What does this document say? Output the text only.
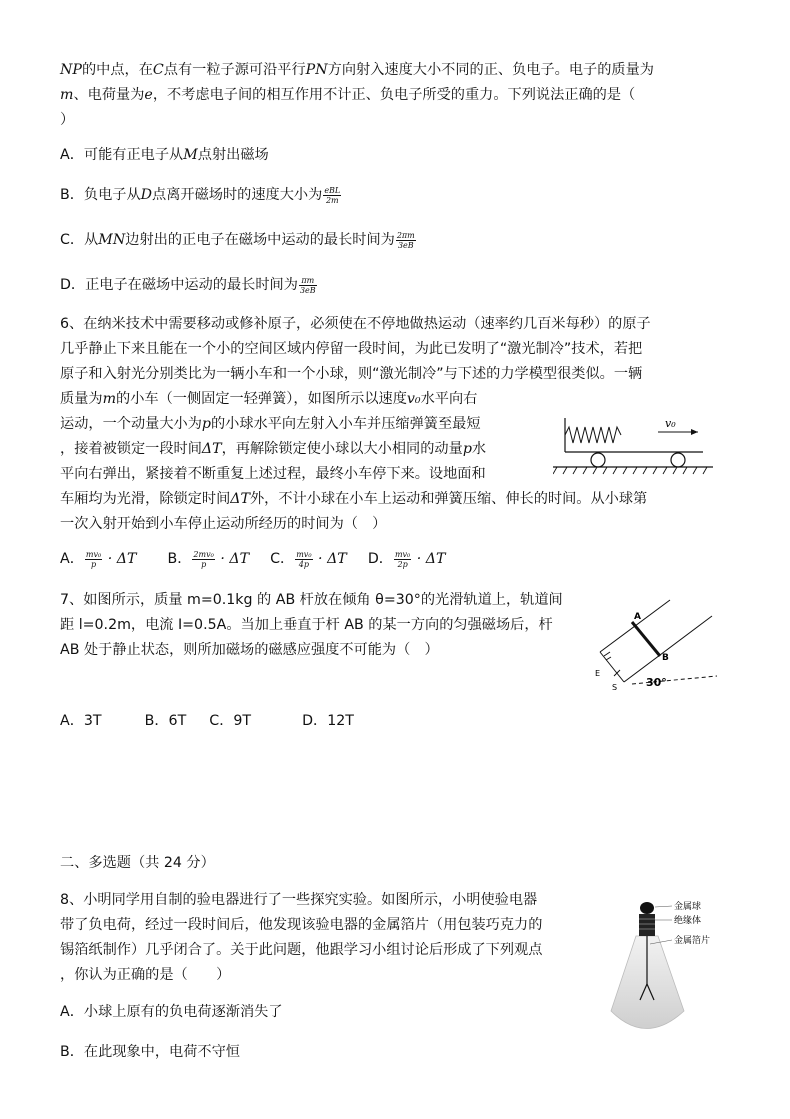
NP的中点，在C点有一粒子源可沿平行PN方向射入速度大小不同的正、负电子。电子的质量为
m、电荷量为e，不考虑电子间的相互作用不计正、负电子所受的重力。下列说法正确的是（
）
A．可能有正电子从M点射出磁场
B．负电子从D点离开磁场时的速度大小为 $\frac{\text{eBL}}{2m}$
C．从MN边射出的正电子在磁场中运动的最长时间为 $\frac{2\pi m}{3eB}$
D．正电子在磁场中运动的最长时间为 $\frac{\pi m}{3eB}$
6、在纳米技术中需要移动或修补原子，必须使在不停地做热运动（速率约几百米每秒）的原子
几乎静止下来且能在一个小的空间区域内停留一段时间，为此已发明了“激光制冷”技术，若把
原子和入射光分别类比为一辆小车和一个小球，则“激光制冷”与下述的力学模型很类似。一辆
质量为m的小车（一侧固定一轻弹簧），如图所示以速度v₀水平向右
运动，一个动量大小为p的小球水平向左射入小车并压缩弹簧至最短
，接着被锁定一段时间ΔT，再解除锁定使小球以大小相同的动量p水
平向右弹出，紧接着不断重复上述过程，最终小车停下来。设地面和
车厢均为光滑，除锁定时间ΔT外，不计小球在小车上运动和弹簧压缩、伸长的时间。从小球第
一次入射开始到小车停止运动所经历的时间为（　）
v₀
A． $\frac{\text{mv₀}}{p} \cdot \Delta T$ B． $\frac{\text{2mv₀}}{p} \cdot \Delta T$ C． $\frac{\text{mv₀}}{4p} \cdot \Delta T$ D． $\frac{\text{mv₀}}{2p} \cdot \Delta T$
7、如图所示，质量 m=0.1kg 的 AB 杆放在倾角 θ=30°的光滑轨道上，轨道间
距 l=0.2m，电流 I=0.5A。当加上垂直于杆 AB 的某一方向的匀强磁场后，杆
AB 处于静止状态，则所加磁场的磁感应强度不可能为（　）
A
B
E
S	30°
A．3T	B．6T C．9T	D．12T
二、多选题（共 24 分）
8、小明同学用自制的验电器进行了一些探究实验。如图所示，小明使验电器
带了负电荷，经过一段时间后，他发现该验电器的金属箔片（用包装巧克力的
锡箔纸制作）几乎闭合了。关于此问题，他跟学习小组讨论后形成了下列观点
，你认为正确的是（　　）
金属球
绝缘体
金属箔片
A．小球上原有的负电荷逐渐消失了
B．在此现象中，电荷不守恒
